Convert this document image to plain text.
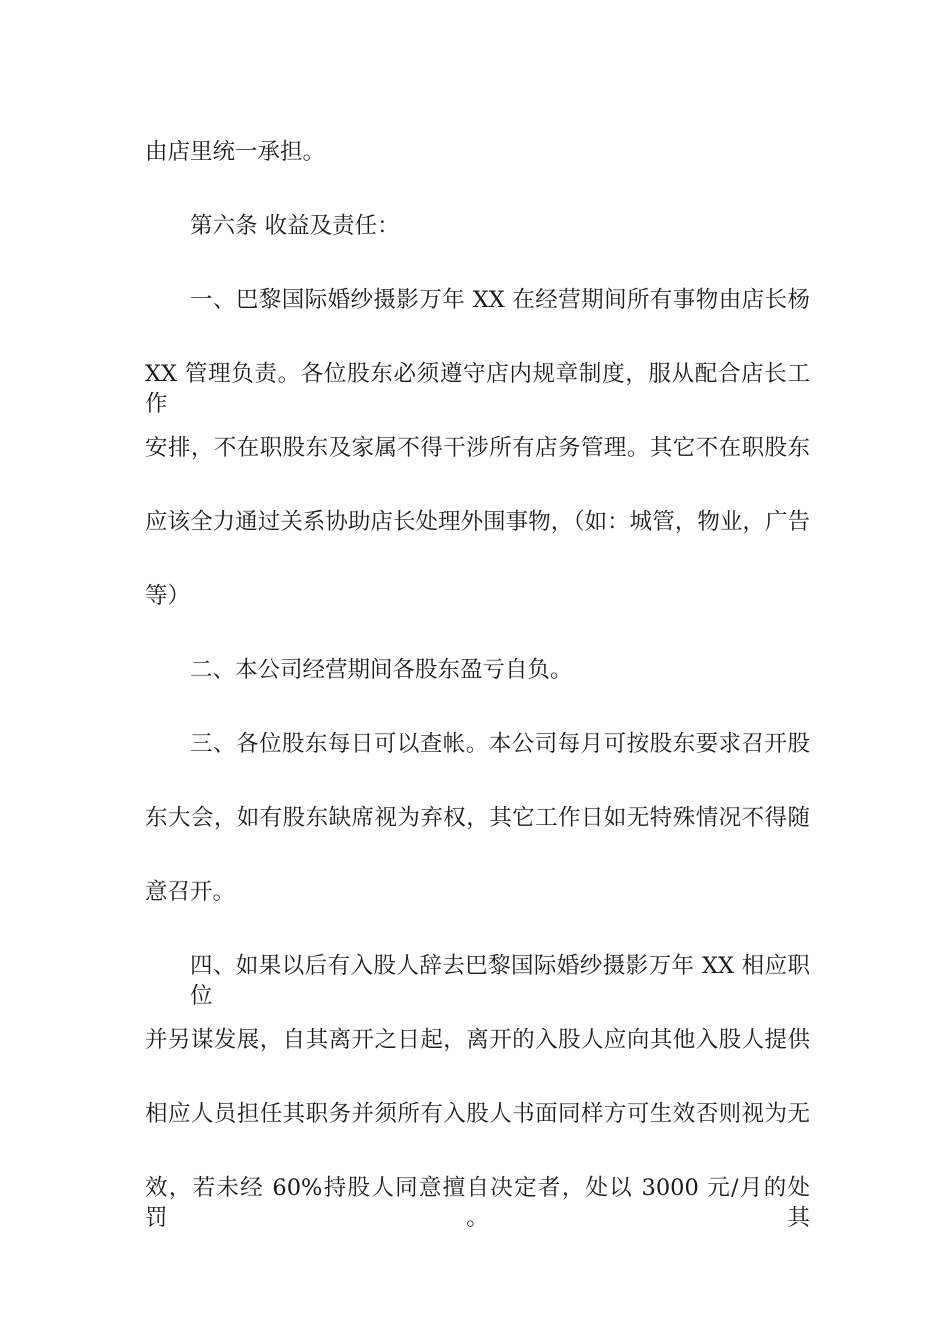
由店里统一承担。
第六条 收益及责任：
一、巴黎国际婚纱摄影万年 XX 在经营期间所有事物由店长杨
XX 管理负责。各位股东必须遵守店内规章制度，服从配合店长工作
安排，不在职股东及家属不得干涉所有店务管理。其它不在职股东
应该全力通过关系协助店长处理外围事物，（如：城管，物业，广告
等）
二、本公司经营期间各股东盈亏自负。
三、各位股东每日可以查帐。本公司每月可按股东要求召开股
东大会，如有股东缺席视为弃权，其它工作日如无特殊情况不得随
意召开。
四、如果以后有入股人辞去巴黎国际婚纱摄影万年 XX 相应职位
并另谋发展，自其离开之日起，离开的入股人应向其他入股人提供
相应人员担任其职务并须所有入股人书面同样方可生效否则视为无
效，若未经 60%持股人同意擅自决定者，处以 3000 元/月的处罚。其
